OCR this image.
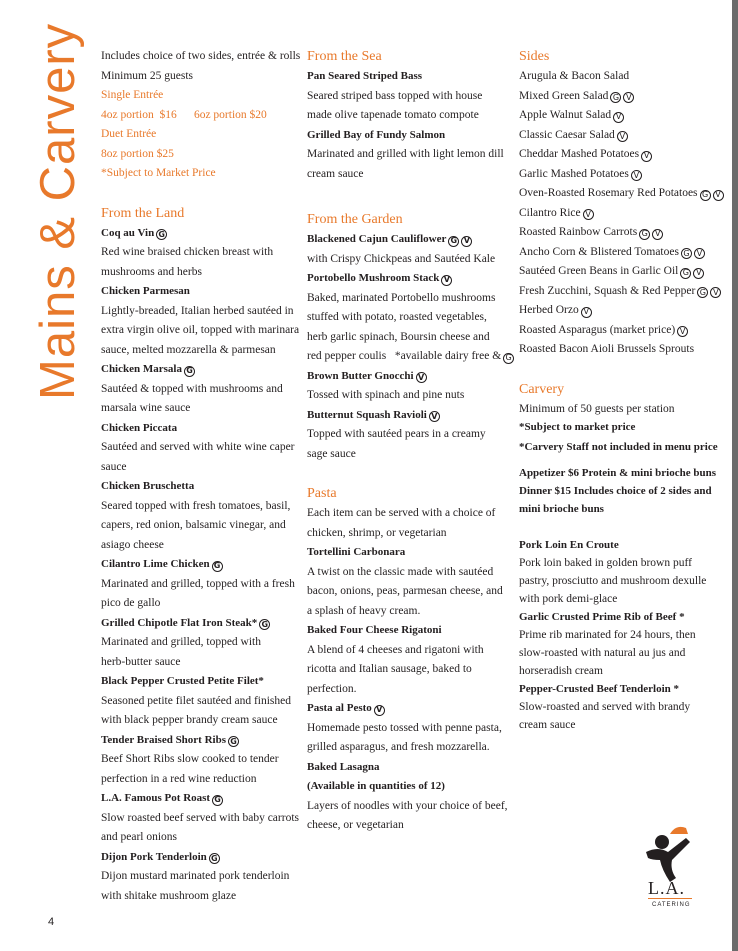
Mains & Carvery Includes choice of two sides, entrée & rolls
Minimum 25 guests
Single Entrée
4oz portion  $16      6oz portion $20
Duet Entrée
8oz portion $25
*Subject to Market Price
From the Land
Coq au Vin G
Red wine braised chicken breast with
mushrooms and herbs
Chicken Parmesan
Lightly-breaded, Italian herbed sautéed in
extra virgin olive oil, topped with marinara
sauce, melted mozzarella & parmesan
Chicken Marsala G
Sautéed & topped with mushrooms and
marsala wine sauce
Chicken Piccata
Sautéed and served with white wine caper
sauce
Chicken Bruschetta
Seared topped with fresh tomatoes, basil,
capers, red onion, balsamic vinegar, and
asiago cheese
Cilantro Lime Chicken G
Marinated and grilled, topped with a fresh
pico de gallo
Grilled Chipotle Flat Iron Steak* G
Marinated and grilled, topped with
herb-butter sauce
Black Pepper Crusted Petite Filet*
Seasoned petite filet sautéed and finished
with black pepper brandy cream sauce
Tender Braised Short Ribs G
Beef Short Ribs slow cooked to tender
perfection in a red wine reduction
L.A. Famous Pot Roast G
Slow roasted beef served with baby carrots
and pearl onions
Dijon Pork Tenderloin G
Dijon mustard marinated pork tenderloin
with shitake mushroom glaze
From the Sea
Pan Seared Striped Bass
Seared striped bass topped with house
made olive tapenade tomato compote
Grilled Bay of Fundy Salmon
Marinated and grilled with light lemon dill
cream sauce
From the Garden
Blackened Cajun Cauliflower G V
with Crispy Chickpeas and Sautéed Kale
Portobello Mushroom Stack V
Baked, marinated Portobello mushrooms
stuffed with potato, roasted vegetables,
herb garlic spinach, Boursin cheese and
red pepper coulis   *available dairy free & G
Brown Butter Gnocchi V
Tossed with spinach and pine nuts
Butternut Squash Ravioli V
Topped with sautéed pears in a creamy
sage sauce
Pasta
Each item can be served with a choice of
chicken, shrimp, or vegetarian
Tortellini Carbonara
A twist on the classic made with sautéed
bacon, onions, peas, parmesan cheese, and
a splash of heavy cream.
Baked Four Cheese Rigatoni
A blend of 4 cheeses and rigatoni with
ricotta and Italian sausage, baked to
perfection.
Pasta al Pesto V
Homemade pesto tossed with penne pasta,
grilled asparagus, and fresh mozzarella.
Baked Lasagna
(Available in quantities of 12)
Layers of noodles with your choice of beef,
cheese, or vegetarian
Sides
Arugula & Bacon Salad
Mixed Green Salad G V
Apple Walnut Salad V
Classic Caesar Salad V
Cheddar Mashed Potatoes V
Garlic Mashed Potatoes V
Oven-Roasted Rosemary Red Potatoes G V
Cilantro Rice V
Roasted Rainbow Carrots G V
Ancho Corn & Blistered Tomatoes G V
Sautéed Green Beans in Garlic Oil G V
Fresh Zucchini, Squash & Red Pepper G V
Herbed Orzo V
Roasted Asparagus (market price) V
Roasted Bacon Aioli Brussels Sprouts
Carvery
Minimum of 50 guests per station
*Subject to market price
*Carvery Staff not included in menu price
Appetizer $6 Protein & mini brioche buns
Dinner $15 Includes choice of 2 sides and
mini brioche buns
Pork Loin En Croute
Pork loin baked in golden brown puff
pastry, prosciutto and mushroom dexulle
with pork demi-glace
Garlic Crusted Prime Rib of Beef *
Prime rib marinated for 24 hours, then
slow-roasted with natural au jus and
horseradish cream
Pepper-Crusted Beef Tenderloin *
Slow-roasted and served with brandy
cream sauce
4
L.A.
CATERING
